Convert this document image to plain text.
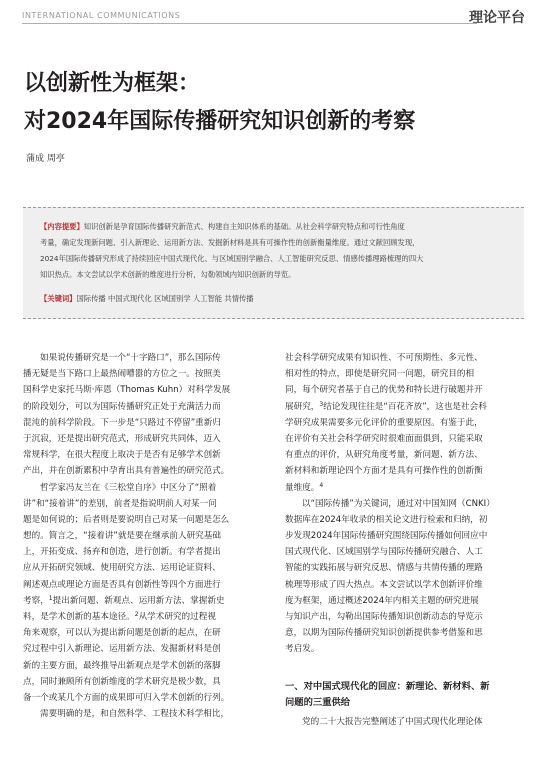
INTERNATIONAL COMMUNICATIONS	理论平台
以创新性为框架：
对2024年国际传播研究知识创新的考察
蒲成 周亭
【内容提要】知识创新是孕育国际传播研究新范式、构建自主知识体系的基础。从社会科学研究特点和可行性角度
考量，确定发现新问题、引入新理论、运用新方法、发掘新材料是具有可操作性的创新衡量维度。通过文献回顾发现，
2024年国际传播研究形成了持续回应中国式现代化、与区域国别学融合、人工智能研究反思、情感传播理路梳理的四大
知识热点。本文尝试以学术创新的维度进行分析，勾勒领域内知识创新的导览。
【关键词】国际传播 中国式现代化 区域国别学 人工智能 共情传播
如果说传播研究是一个“十字路口”，那么国际传
播无疑是当下路口上最热闹嘈嚣的方位之一。按照美
国科学史家托马斯·库恩（Thomas Kuhn）对科学发展
的阶段划分，可以为国际传播研究正处于充满活力而
混沌的前科学阶段。下一步是“只路过不停留”重新归
于沉寂，还是提出研究范式，形成研究共同体，迈入
常规科学，在很大程度上取决于是否有足够学术创新
产出，并在创新累积中孕育出具有普遍性的研究范式。
哲学家冯友兰在《三松堂自序》中区分了“照着
讲”和“接着讲”的差别，前者是指说明前人对某一问
题是如何说的；后者则是要说明自己对某一问题是怎么
想的。简言之，“接着讲”就是要在继承前人研究基础
上，开拓变成、扬弃和创造，进行创新。有学者提出
应从开拓研究领域、使用研究方法、运用论证资料、
阐述观点或理论方面是否具有创新性等四个方面进行
考察，$^1$提出新问题、新观点、运用新方法、掌握新史
料，是学术创新的基本途径。$^2$从学术研究的过程视
角来观察，可以认为提出新问题是创新的起点，在研
究过程中引入新理论、运用新方法、发掘新材料是创
新的主要方面，最终推导出新观点是学术创新的落脚
点，同时兼顾所有创新维度的学术研究是极少数，具
备一个或某几个方面的成果即可归入学术创新的行列。
需要明确的是，和自然科学、工程技术科学相比，
社会科学研究成果有知识性、不可预期性、多元性、
相对性的特点，即使是研究同一问题，研究目的相
同，每个研究者基于自己的优势和特长进行破题并开
展研究，$^3$结论发现往往是“百花齐放”，这也是社会科
学研究成果需要多元化评价的重要原因。有鉴于此，
在评价有关社会科学研究时很难面面俱到，只能采取
有重点的评价，从研究角度考量，新问题、新方法、
新材料和新理论四个方面才是具有可操作性的创新衡
量维度。$^4$
以“国际传播”为关键词，通过对中国知网（CNKI）
数据库在2024年收录的相关论文进行检索和归纳，初
步发现2024年国际传播研究围绕国际传播如何回应中
国式现代化、区域国别学与国际传播研究融合、人工
智能的实践拓展与研究反思、情感与共情传播的理路
梳理等形成了四大热点。本文尝试以学术创新评价维
度为框架，通过概述2024年内相关主题的研究进展
与知识产出，勾勒出国际传播知识创新动态的导览示
意，以期为国际传播研究知识创新提供参考借鉴和思
考启发。
一、对中国式现代化的回应：新理论、新材料、新
问题的三重供给
党的二十大报告完整阐述了中国式现代化理论体
